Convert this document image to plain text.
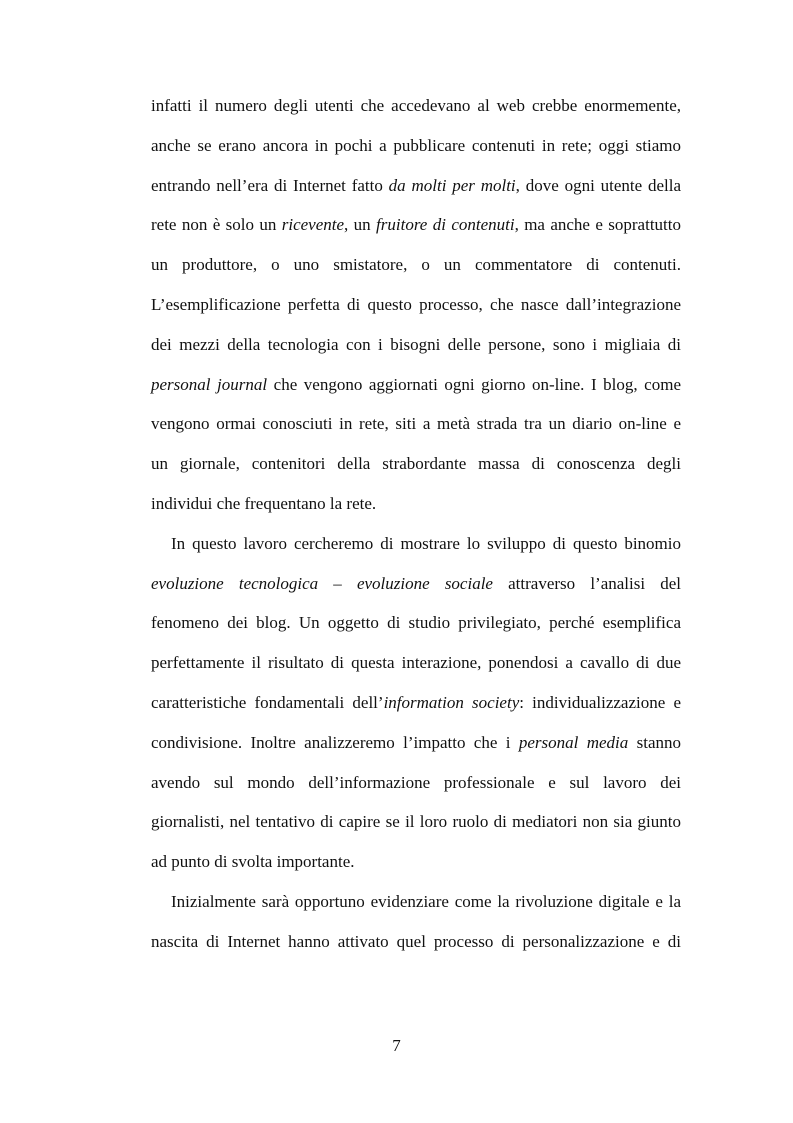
infatti il numero degli utenti che accedevano al web crebbe enormemente,
anche se erano ancora in pochi a pubblicare contenuti in rete; oggi stiamo
entrando nell’era di Internet fatto da molti per molti, dove ogni utente della
rete non è solo un ricevente, un fruitore di contenuti, ma anche e soprattutto
un produttore, o uno smistatore, o un commentatore di contenuti.
L’esemplificazione perfetta di questo processo, che nasce dall’integrazione
dei mezzi della tecnologia con i bisogni delle persone, sono i migliaia di
personal journal che vengono aggiornati ogni giorno on-line. I blog, come
vengono ormai conosciuti in rete, siti a metà strada tra un diario on-line e
un giornale, contenitori della strabordante massa di conoscenza degli
individui che frequentano la rete.
In questo lavoro cercheremo di mostrare lo sviluppo di questo binomio
evoluzione tecnologica – evoluzione sociale attraverso l’analisi del
fenomeno dei blog. Un oggetto di studio privilegiato, perché esemplifica
perfettamente il risultato di questa interazione, ponendosi a cavallo di due
caratteristiche fondamentali dell’information society: individualizzazione e
condivisione. Inoltre analizzeremo l’impatto che i personal media stanno
avendo sul mondo dell’informazione professionale e sul lavoro dei
giornalisti, nel tentativo di capire se il loro ruolo di mediatori non sia giunto
ad punto di svolta importante.
Inizialmente sarà opportuno evidenziare come la rivoluzione digitale e la
nascita di Internet hanno attivato quel processo di personalizzazione e di
7
